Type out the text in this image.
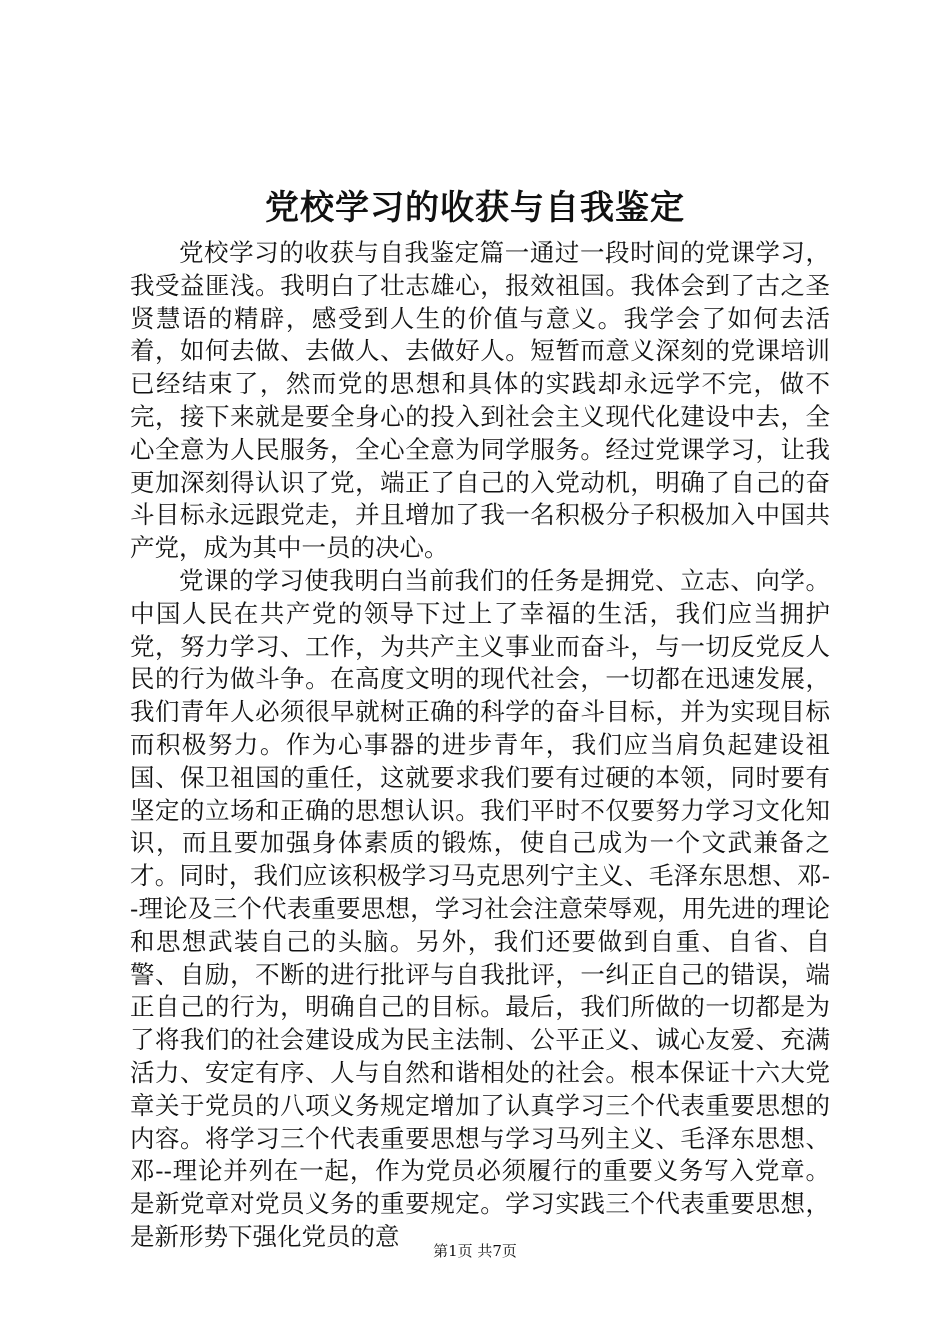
党校学习的收获与自我鉴定

党校学习的收获与自我鉴定篇一通过一段时间的党课学习，我受益匪浅。我明白了壮志雄心，报效祖国。我体会到了古之圣贤慧语的精辟，感受到人生的价值与意义。我学会了如何去活着，如何去做、去做人、去做好人。短暂而意义深刻的党课培训已经结束了，然而党的思想和具体的实践却永远学不完，做不完，接下来就是要全身心的投入到社会主义现代化建设中去，全心全意为人民服务，全心全意为同学服务。经过党课学习，让我更加深刻得认识了党，端正了自己的入党动机，明确了自己的奋斗目标永远跟党走，并且增加了我一名积极分子积极加入中国共产党，成为其中一员的决心。

党课的学习使我明白当前我们的任务是拥党、立志、向学。中国人民在共产党的领导下过上了幸福的生活，我们应当拥护党，努力学习、工作，为共产主义事业而奋斗，与一切反党反人民的行为做斗争。在高度文明的现代社会，一切都在迅速发展，我们青年人必须很早就树正确的科学的奋斗目标，并为实现目标而积极努力。作为心事器的进步青年，我们应当肩负起建设祖国、保卫祖国的重任，这就要求我们要有过硬的本领，同时要有坚定的立场和正确的思想认识。我们平时不仅要努力学习文化知识，而且要加强身体素质的锻炼，使自己成为一个文武兼备之才。同时，我们应该积极学习马克思列宁主义、毛泽东思想、邓--理论及三个代表重要思想，学习社会注意荣辱观，用先进的理论和思想武装自己的头脑。另外，我们还要做到自重、自省、自警、自励，不断的进行批评与自我批评，一纠正自己的错误，端正自己的行为，明确自己的目标。最后，我们所做的一切都是为了将我们的社会建设成为民主法制、公平正义、诚心友爱、充满活力、安定有序、人与自然和谐相处的社会。根本保证十六大党章关于党员的八项义务规定增加了认真学习三个代表重要思想的内容。将学习三个代表重要思想与学习马列主义、毛泽东思想、邓--理论并列在一起，作为党员必须履行的重要义务写入党章。是新党章对党员义务的重要规定。学习实践三个代表重要思想，是新形势下强化党员的意

第1页 共7页
